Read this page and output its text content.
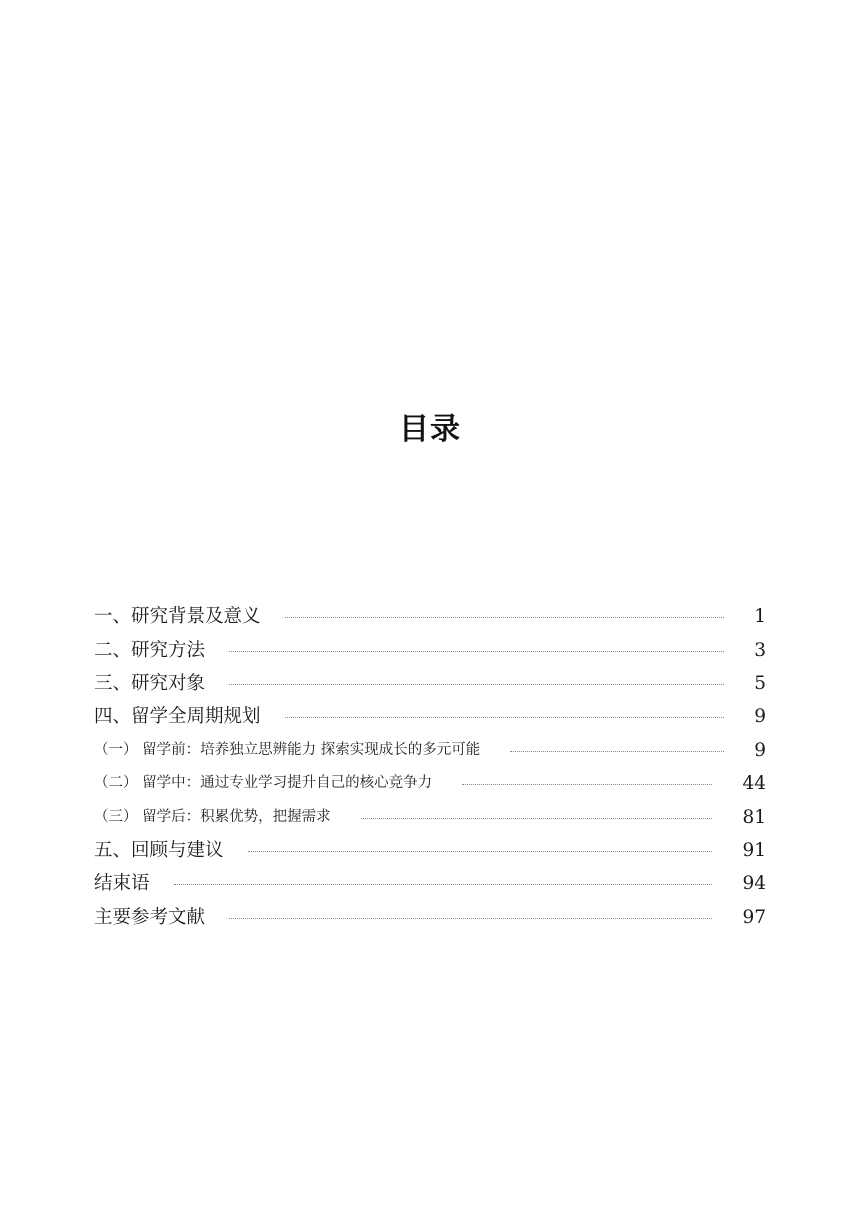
目录
一、研究背景及意义	1
二、研究方法	3
三、研究对象	5
四、留学全周期规划	9
（一） 留学前：培养独立思辨能力 探索实现成长的多元可能	9
（二） 留学中：通过专业学习提升自己的核心竞争力	44
（三） 留学后：积累优势，把握需求	81
五、回顾与建议	91
结束语	94
主要参考文献	97
